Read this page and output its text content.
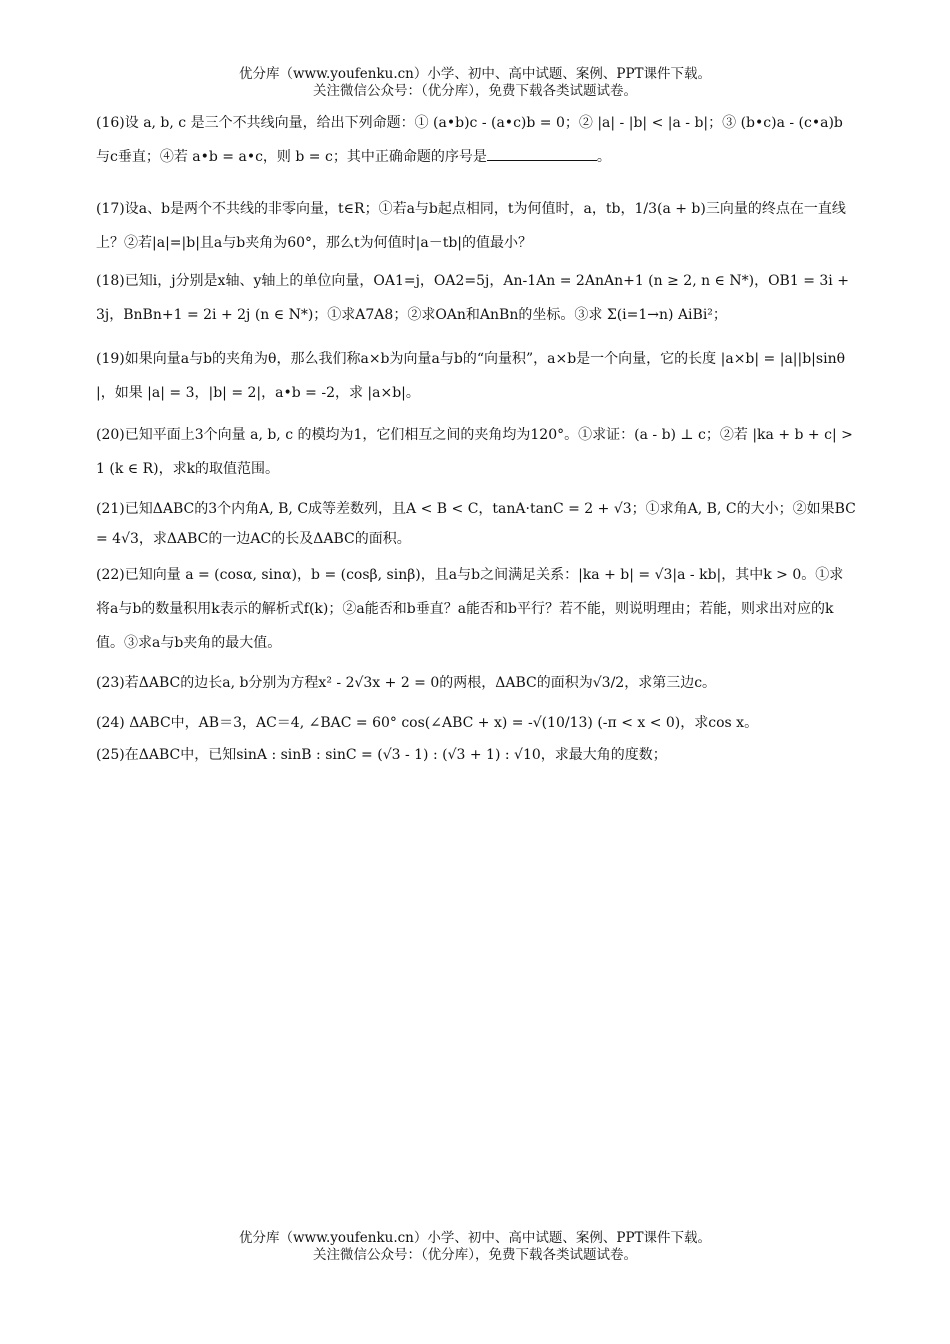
优分库（www.youfenku.cn）小学、初中、高中试题、案例、PPT课件下载。
关注微信公众号：（优分库），免费下载各类试题试卷。

(16)设 a, b, c 是三个不共线向量，给出下列命题：① (a•b)c - (a•c)b = 0；② |a| - |b| < |a - b|；③ (b•c)a - (c•a)b 与c垂直；④若 a•b = a•c，则 b = c；其中正确命题的序号是	。

(17)设a、b是两个不共线的非零向量，t∈R；①若a与b起点相同，t为何值时，a，tb，1/3(a + b)三向量的终点在一直线上？②若|a|=|b|且a与b夹角为60°，那么t为何值时|a－tb|的值最小？

(18)已知i，j分别是x轴、y轴上的单位向量，OA1=j，OA2=5j，An-1An = 2AnAn+1 (n ≥ 2, n ∈ N*)，OB1 = 3i + 3j，BnBn+1 = 2i + 2j (n ∈ N*)；①求A7A8；②求OAn和AnBn的坐标。③求 Σ(i=1→n) AiBi²；

(19)如果向量a与b的夹角为θ，那么我们称a×b为向量a与b的“向量积”，a×b是一个向量，它的长度 |a×b| = |a||b|sinθ|，如果 |a| = 3，|b| = 2|，a•b = -2，求 |a×b|。

(20)已知平面上3个向量 a, b, c 的模均为1，它们相互之间的夹角均为120°。①求证：(a - b) ⊥ c；②若 |ka + b + c| > 1 (k ∈ R)，求k的取值范围。

(21)已知ΔABC的3个内角A, B, C成等差数列，且A < B < C，tanA·tanC = 2 + √3；①求角A, B, C的大小；②如果BC = 4√3，求ΔABC的一边AC的长及ΔABC的面积。

(22)已知向量 a = (cosα, sinα)，b = (cosβ, sinβ)，且a与b之间满足关系：|ka + b| = √3|a - kb|，其中k > 0。①求将a与b的数量积用k表示的解析式f(k)；②a能否和b垂直？a能否和b平行？若不能，则说明理由；若能，则求出对应的k值。③求a与b夹角的最大值。

(23)若ΔABC的边长a, b分别为方程x² - 2√3x + 2 = 0的两根，ΔABC的面积为√3/2，求第三边c。

(24) ΔABC中，AB＝3，AC＝4, ∠BAC = 60° cos(∠ABC + x) = -√(10/13) (-π < x < 0)，求cos x。

(25)在ΔABC中，已知sinA : sinB : sinC = (√3 - 1) : (√3 + 1) : √10，求最大角的度数；

优分库（www.youfenku.cn）小学、初中、高中试题、案例、PPT课件下载。
关注微信公众号：（优分库），免费下载各类试题试卷。
